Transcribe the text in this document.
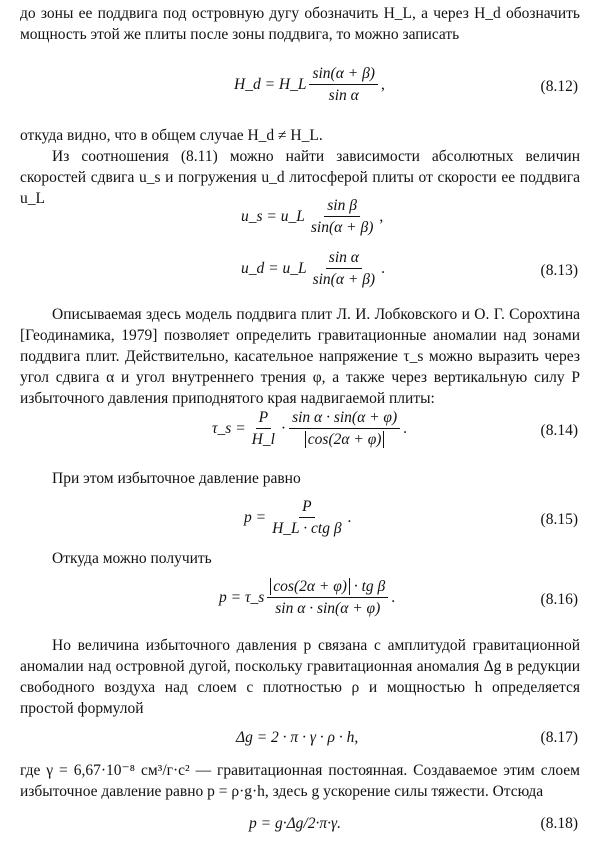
до зоны ее поддвига под островную дугу обозначить H_L, а через H_d обозначить мощность этой же плиты после зоны поддвига, то можно записать

H_d = H_L $\frac{\sin(\alpha + \beta)}{\text{sin α}}$ ,	(8.12)

откуда видно, что в общем случае H_d ≠ H_L.

Из соотношения (8.11) можно найти зависимости абсолютных величин скоростей сдвига u_s и погружения u_d литосферой плиты от скорости ее поддвига u_L

u_s = u_L $\frac{\text{sin β}}{\sin(\alpha + \beta)}$ ,
u_d = u_L $\frac{\text{sin α}}{\sin(\alpha + \beta)}$ .	(8.13)

Описываемая здесь модель поддвига плит Л. И. Лобковского и О. Г. Сорохтина [Геодинамика, 1979] позволяет определить гравитационные аномалии над зонами поддвига плит. Действительно, касательное напряжение τ_s можно выразить через угол сдвига α и угол внутреннего трения φ, а также через вертикальную силу P избыточного давления приподнятого края надвигаемой плиты:

τ_s = $\frac{P}{H\_l} \cdot \frac{\text{sin α · sin(α + φ)}}{\cos(2\alpha + \varphi)}$ .	(8.14)

При этом избыточное давление равно

$p = \frac{P}{\text{H\_L · ctg β}}$ .	(8.15)

Откуда можно получить

p = τ_s $\frac{\text{cos(2α + φ) · tg β}}{\text{sin α · sin(α + φ)}}$ .	(8.16)

Но величина избыточного давления p связана с амплитудой гравитационной аномалии над островной дугой, поскольку гравитационная аномалия Δg в редукции свободного воздуха над слоем с плотностью ρ и мощностью h определяется простой формулой

Δg = 2 · π · γ · ρ · h,	(8.17)

где γ = 6,67·10⁻⁸ см³/г·с² — гравитационная постоянная. Создаваемое этим слоем избыточное давление равно p = ρ·g·h, здесь g ускорение силы тяжести. Отсюда

p = g·Δg/2·π·γ.	(8.18)
